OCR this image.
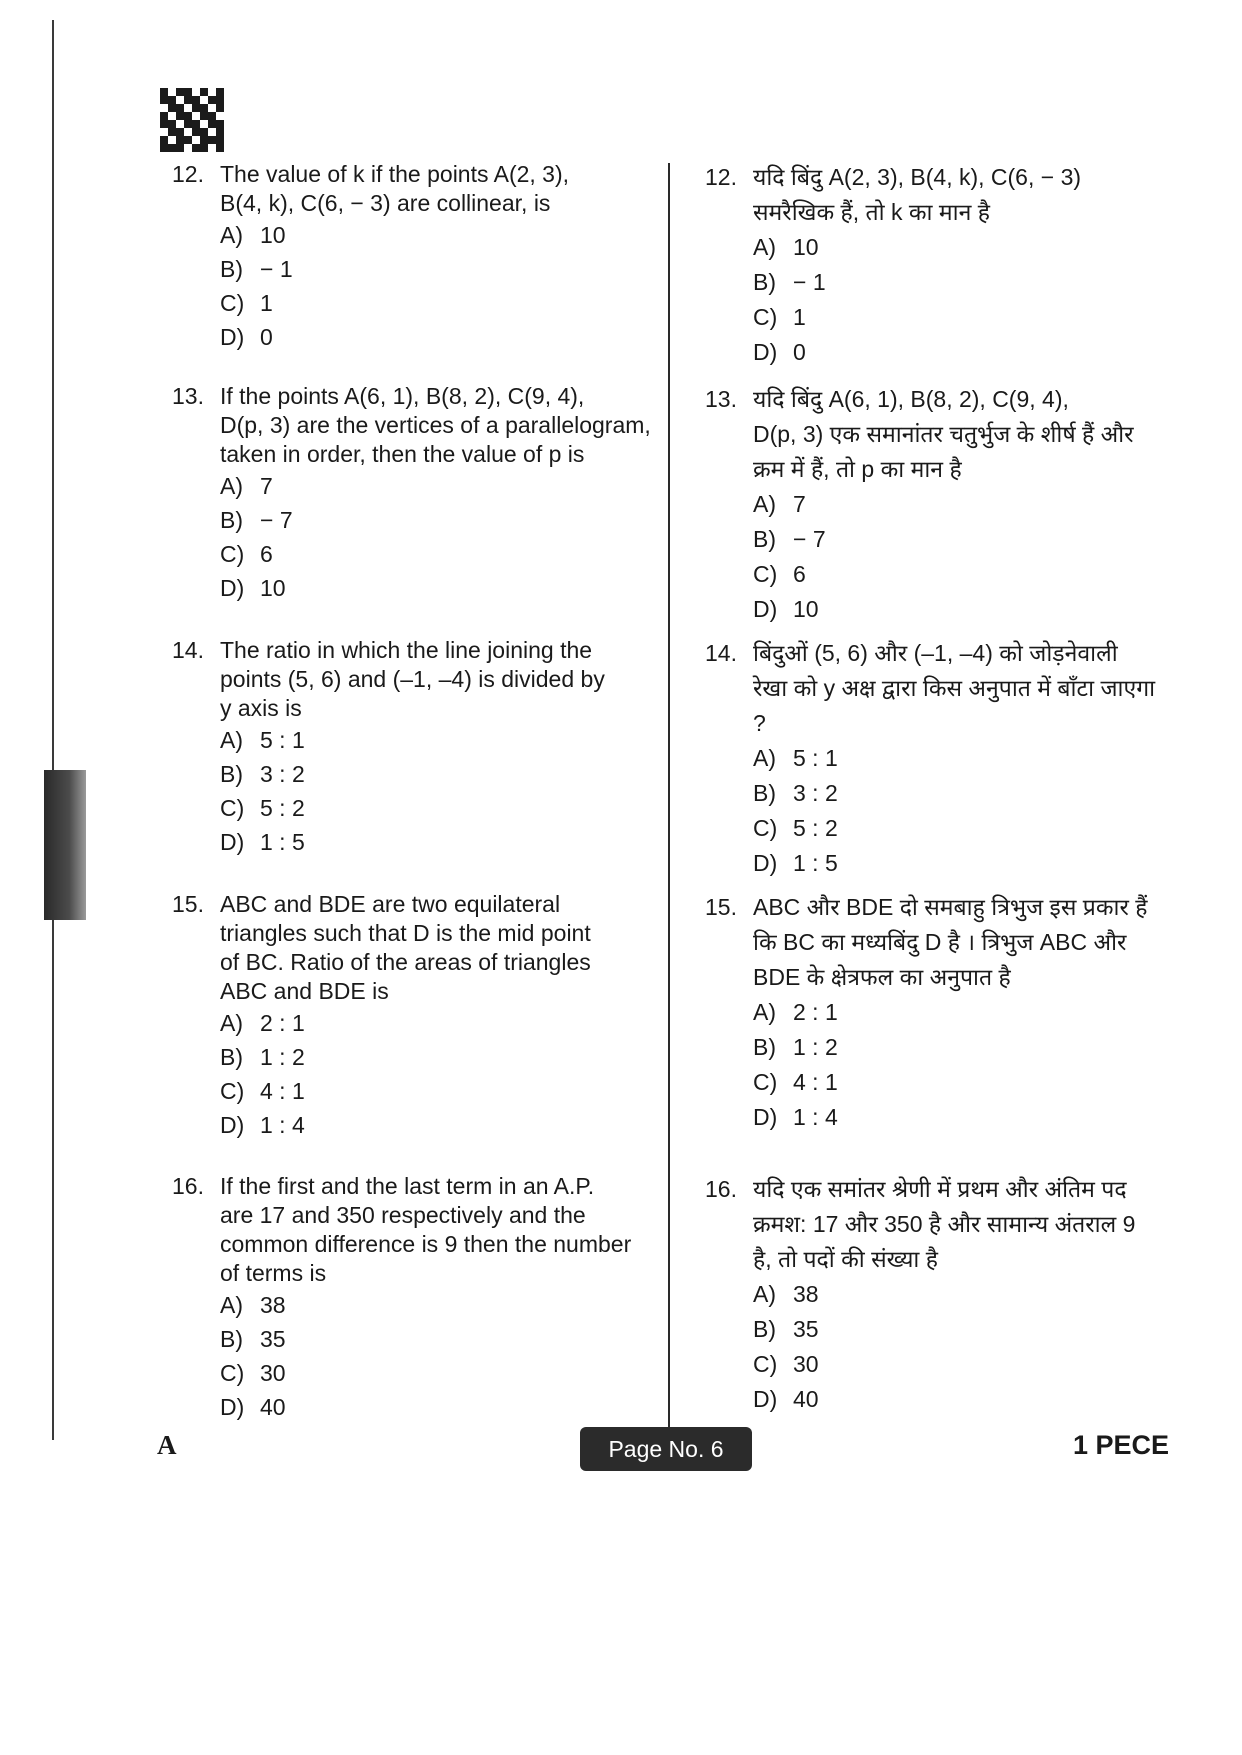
12. The value of k if the points A(2, 3),
B(4, k), C(6, − 3) are collinear, is
A) 10
B) − 1
C) 1
D) 0
13. If the points A(6, 1), B(8, 2), C(9, 4),
D(p, 3) are the vertices of a parallelogram,
taken in order, then the value of p is
A) 7
B) − 7
C) 6
D) 10
14. The ratio in which the line joining the
points (5, 6) and (–1, –4) is divided by
y axis is
A) 5 : 1
B) 3 : 2
C) 5 : 2
D) 1 : 5
15. ABC and BDE are two equilateral
triangles such that D is the mid point
of BC. Ratio of the areas of triangles
ABC and BDE is
A) 2 : 1
B) 1 : 2
C) 4 : 1
D) 1 : 4
16. If the first and the last term in an A.P.
are 17 and 350 respectively and the
common difference is 9 then the number
of terms is
A) 38
B) 35
C) 30
D) 40
12. यदि बिंदु A(2, 3), B(4, k), C(6, − 3)
समरैखिक हैं, तो k का मान है
A) 10
B) − 1
C) 1
D) 0
13. यदि बिंदु A(6, 1), B(8, 2), C(9, 4),
D(p, 3) एक समानांतर चतुर्भुज के शीर्ष हैं और
क्रम में हैं, तो p का मान है
A) 7
B) − 7
C) 6
D) 10
14. बिंदुओं (5, 6) और (–1, –4) को जोड़नेवाली
रेखा को y अक्ष द्वारा किस अनुपात में बाँटा जाएगा ?
A) 5 : 1
B) 3 : 2
C) 5 : 2
D) 1 : 5
15. ABC और BDE दो समबाहु त्रिभुज इस प्रकार हैं
कि BC का मध्यबिंदु D है । त्रिभुज ABC और
BDE के क्षेत्रफल का अनुपात है
A) 2 : 1
B) 1 : 2
C) 4 : 1
D) 1 : 4
16. यदि एक समांतर श्रेणी में प्रथम और अंतिम पद
क्रमश: 17 और 350 है और सामान्य अंतराल 9
है, तो पदों की संख्या है
A) 38
B) 35
C) 30
D) 40
A	Page No. 6	1 PECE
